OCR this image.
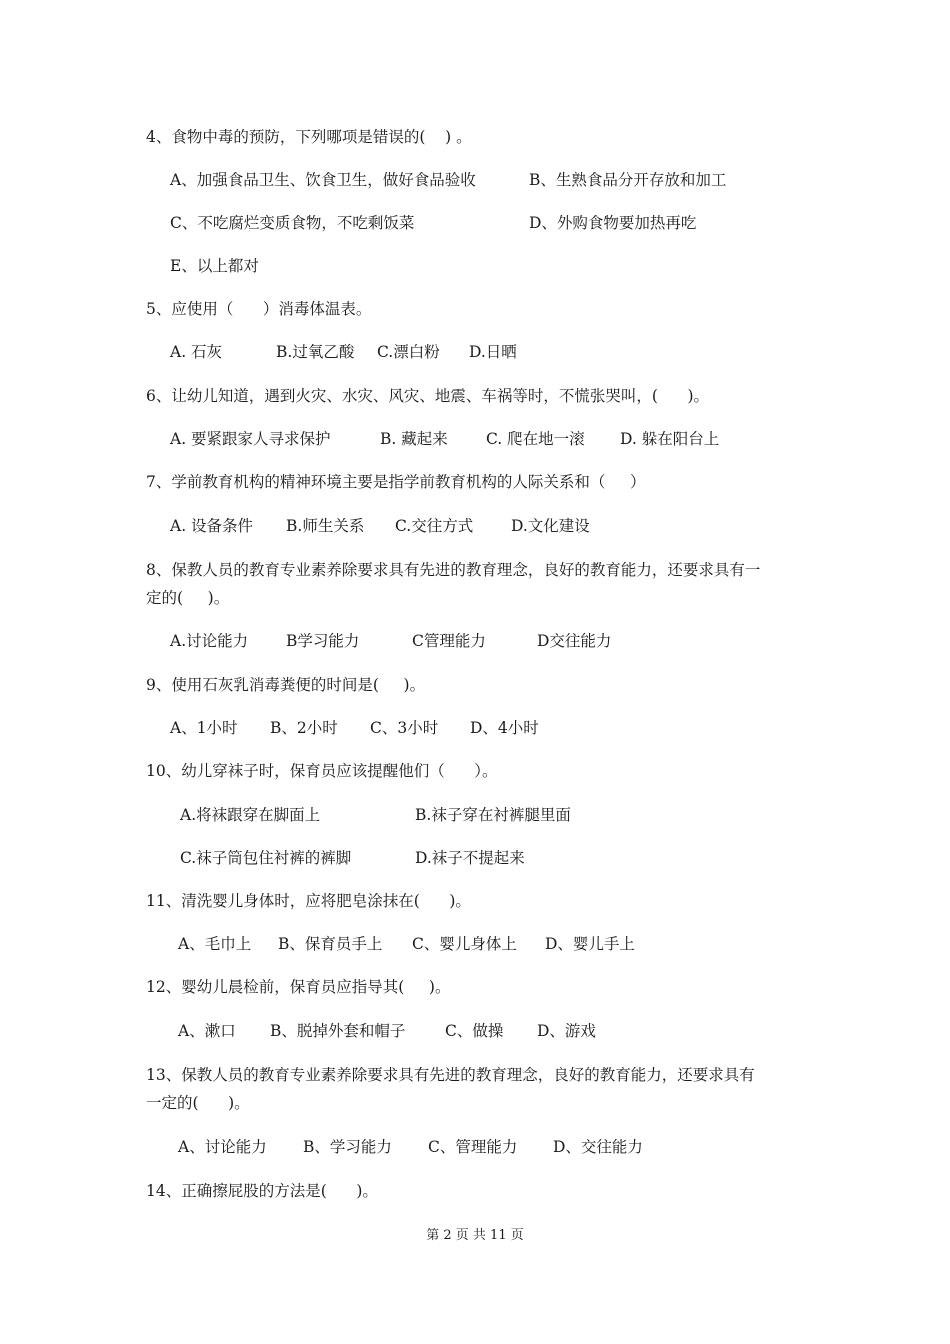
4、食物中毒的预防，下列哪项是错误的(    ) 。
A、加强食品卫生、饮食卫生，做好食品验收	B、生熟食品分开存放和加工
C、不吃腐烂变质食物，不吃剩饭菜	D、外购食物要加热再吃
E、以上都对
5、应使用（      ）消毒体温表。
A. 石灰	B.过氧乙酸 C.漂白粉 D.日晒
6、让幼儿知道，遇到火灾、水灾、风灾、地震、车祸等时，不慌张哭叫，(      )。
A. 要紧跟家人寻求保护	B. 藏起来 C. 爬在地一滚 D. 躲在阳台上
7、学前教育机构的精神环境主要是指学前教育机构的人际关系和（     ）
A. 设备条件 B.师生关系 C.交往方式 D.文化建设
8、保教人员的教育专业素养除要求具有先进的教育理念，良好的教育能力，还要求具有一
定的(     )。
A.讨论能力 B学习能力	C管理能力	D交往能力
9、使用石灰乳消毒粪便的时间是(     )。
A、1小时 B、2小时 C、3小时 D、4小时
10、幼儿穿袜子时，保育员应该提醒他们（      ）。
A.将袜跟穿在脚面上	B.袜子穿在衬裤腿里面
C.袜子筒包住衬裤的裤脚	D.袜子不提起来
11、清洗婴儿身体时，应将肥皂涂抹在(      )。
A、毛巾上 B、保育员手上 C、婴儿身体上 D、婴儿手上
12、婴幼儿晨检前，保育员应指导其(     )。
A、漱口 B、脱掉外套和帽子	C、做操 D、游戏
13、保教人员的教育专业素养除要求具有先进的教育理念，良好的教育能力，还要求具有
一定的(      )。
A、讨论能力 B、学习能力 C、管理能力 D、交往能力
14、正确擦屁股的方法是(      )。
第 2 页 共 11 页
